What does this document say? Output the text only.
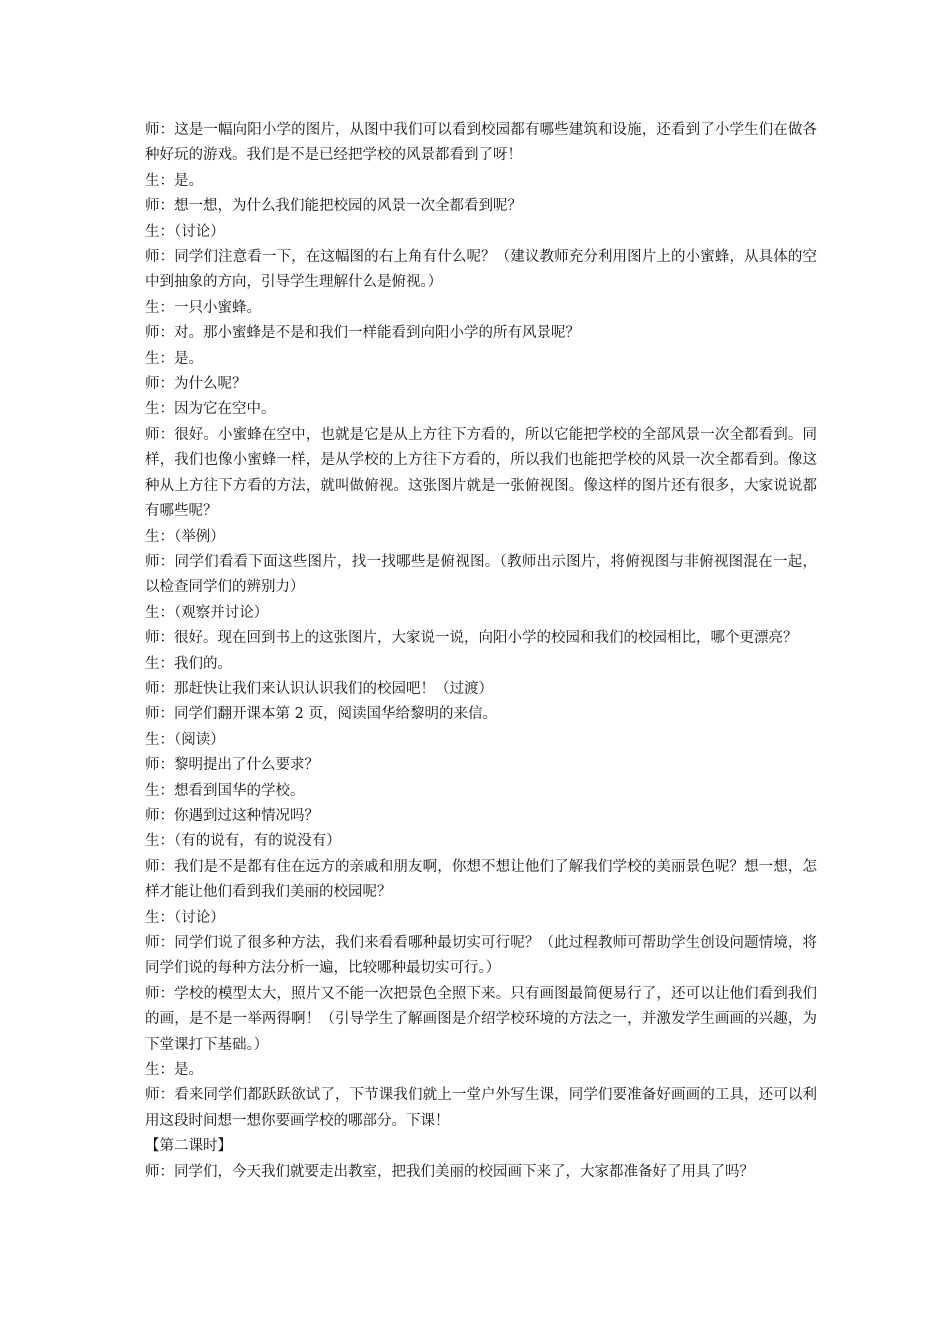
师：这是一幅向阳小学的图片，从图中我们可以看到校园都有哪些建筑和设施，还看到了小学生们在做各种好玩的游戏。我们是不是已经把学校的风景都看到了呀！

生：是。

师：想一想，为什么我们能把校园的风景一次全都看到呢？

生：（讨论）

师：同学们注意看一下，在这幅图的右上角有什么呢？（建议教师充分利用图片上的小蜜蜂，从具体的空中到抽象的方向，引导学生理解什么是俯视。）

生：一只小蜜蜂。

师：对。那小蜜蜂是不是和我们一样能看到向阳小学的所有风景呢？

生：是。

师：为什么呢？

生：因为它在空中。

师：很好。小蜜蜂在空中，也就是它是从上方往下方看的，所以它能把学校的全部风景一次全都看到。同样，我们也像小蜜蜂一样，是从学校的上方往下方看的，所以我们也能把学校的风景一次全都看到。像这种从上方往下方看的方法，就叫做俯视。这张图片就是一张俯视图。像这样的图片还有很多，大家说说都有哪些呢？

生：（举例）

师：同学们看看下面这些图片，找一找哪些是俯视图。（教师出示图片，将俯视图与非俯视图混在一起，以检查同学们的辨别力）

生：（观察并讨论）

师：很好。现在回到书上的这张图片，大家说一说，向阳小学的校园和我们的校园相比，哪个更漂亮？

生：我们的。

师：那赶快让我们来认识认识我们的校园吧！（过渡）

师：同学们翻开课本第 2 页，阅读国华给黎明的来信。

生：（阅读）

师：黎明提出了什么要求？

生：想看到国华的学校。

师：你遇到过这种情况吗？

生：（有的说有，有的说没有）

师：我们是不是都有住在远方的亲戚和朋友啊，你想不想让他们了解我们学校的美丽景色呢？想一想，怎样才能让他们看到我们美丽的校园呢？

生：（讨论）

师：同学们说了很多种方法，我们来看看哪种最切实可行呢？（此过程教师可帮助学生创设问题情境，将同学们说的每种方法分析一遍，比较哪种最切实可行。）

师：学校的模型太大，照片又不能一次把景色全照下来。只有画图最简便易行了，还可以让他们看到我们的画，是不是一举两得啊！（引导学生了解画图是介绍学校环境的方法之一，并激发学生画画的兴趣，为下堂课打下基础。）

生：是。

师：看来同学们都跃跃欲试了，下节课我们就上一堂户外写生课，同学们要准备好画画的工具，还可以利用这段时间想一想你要画学校的哪部分。下课！

【第二课时】

师：同学们，今天我们就要走出教室，把我们美丽的校园画下来了，大家都准备好了用具了吗？
